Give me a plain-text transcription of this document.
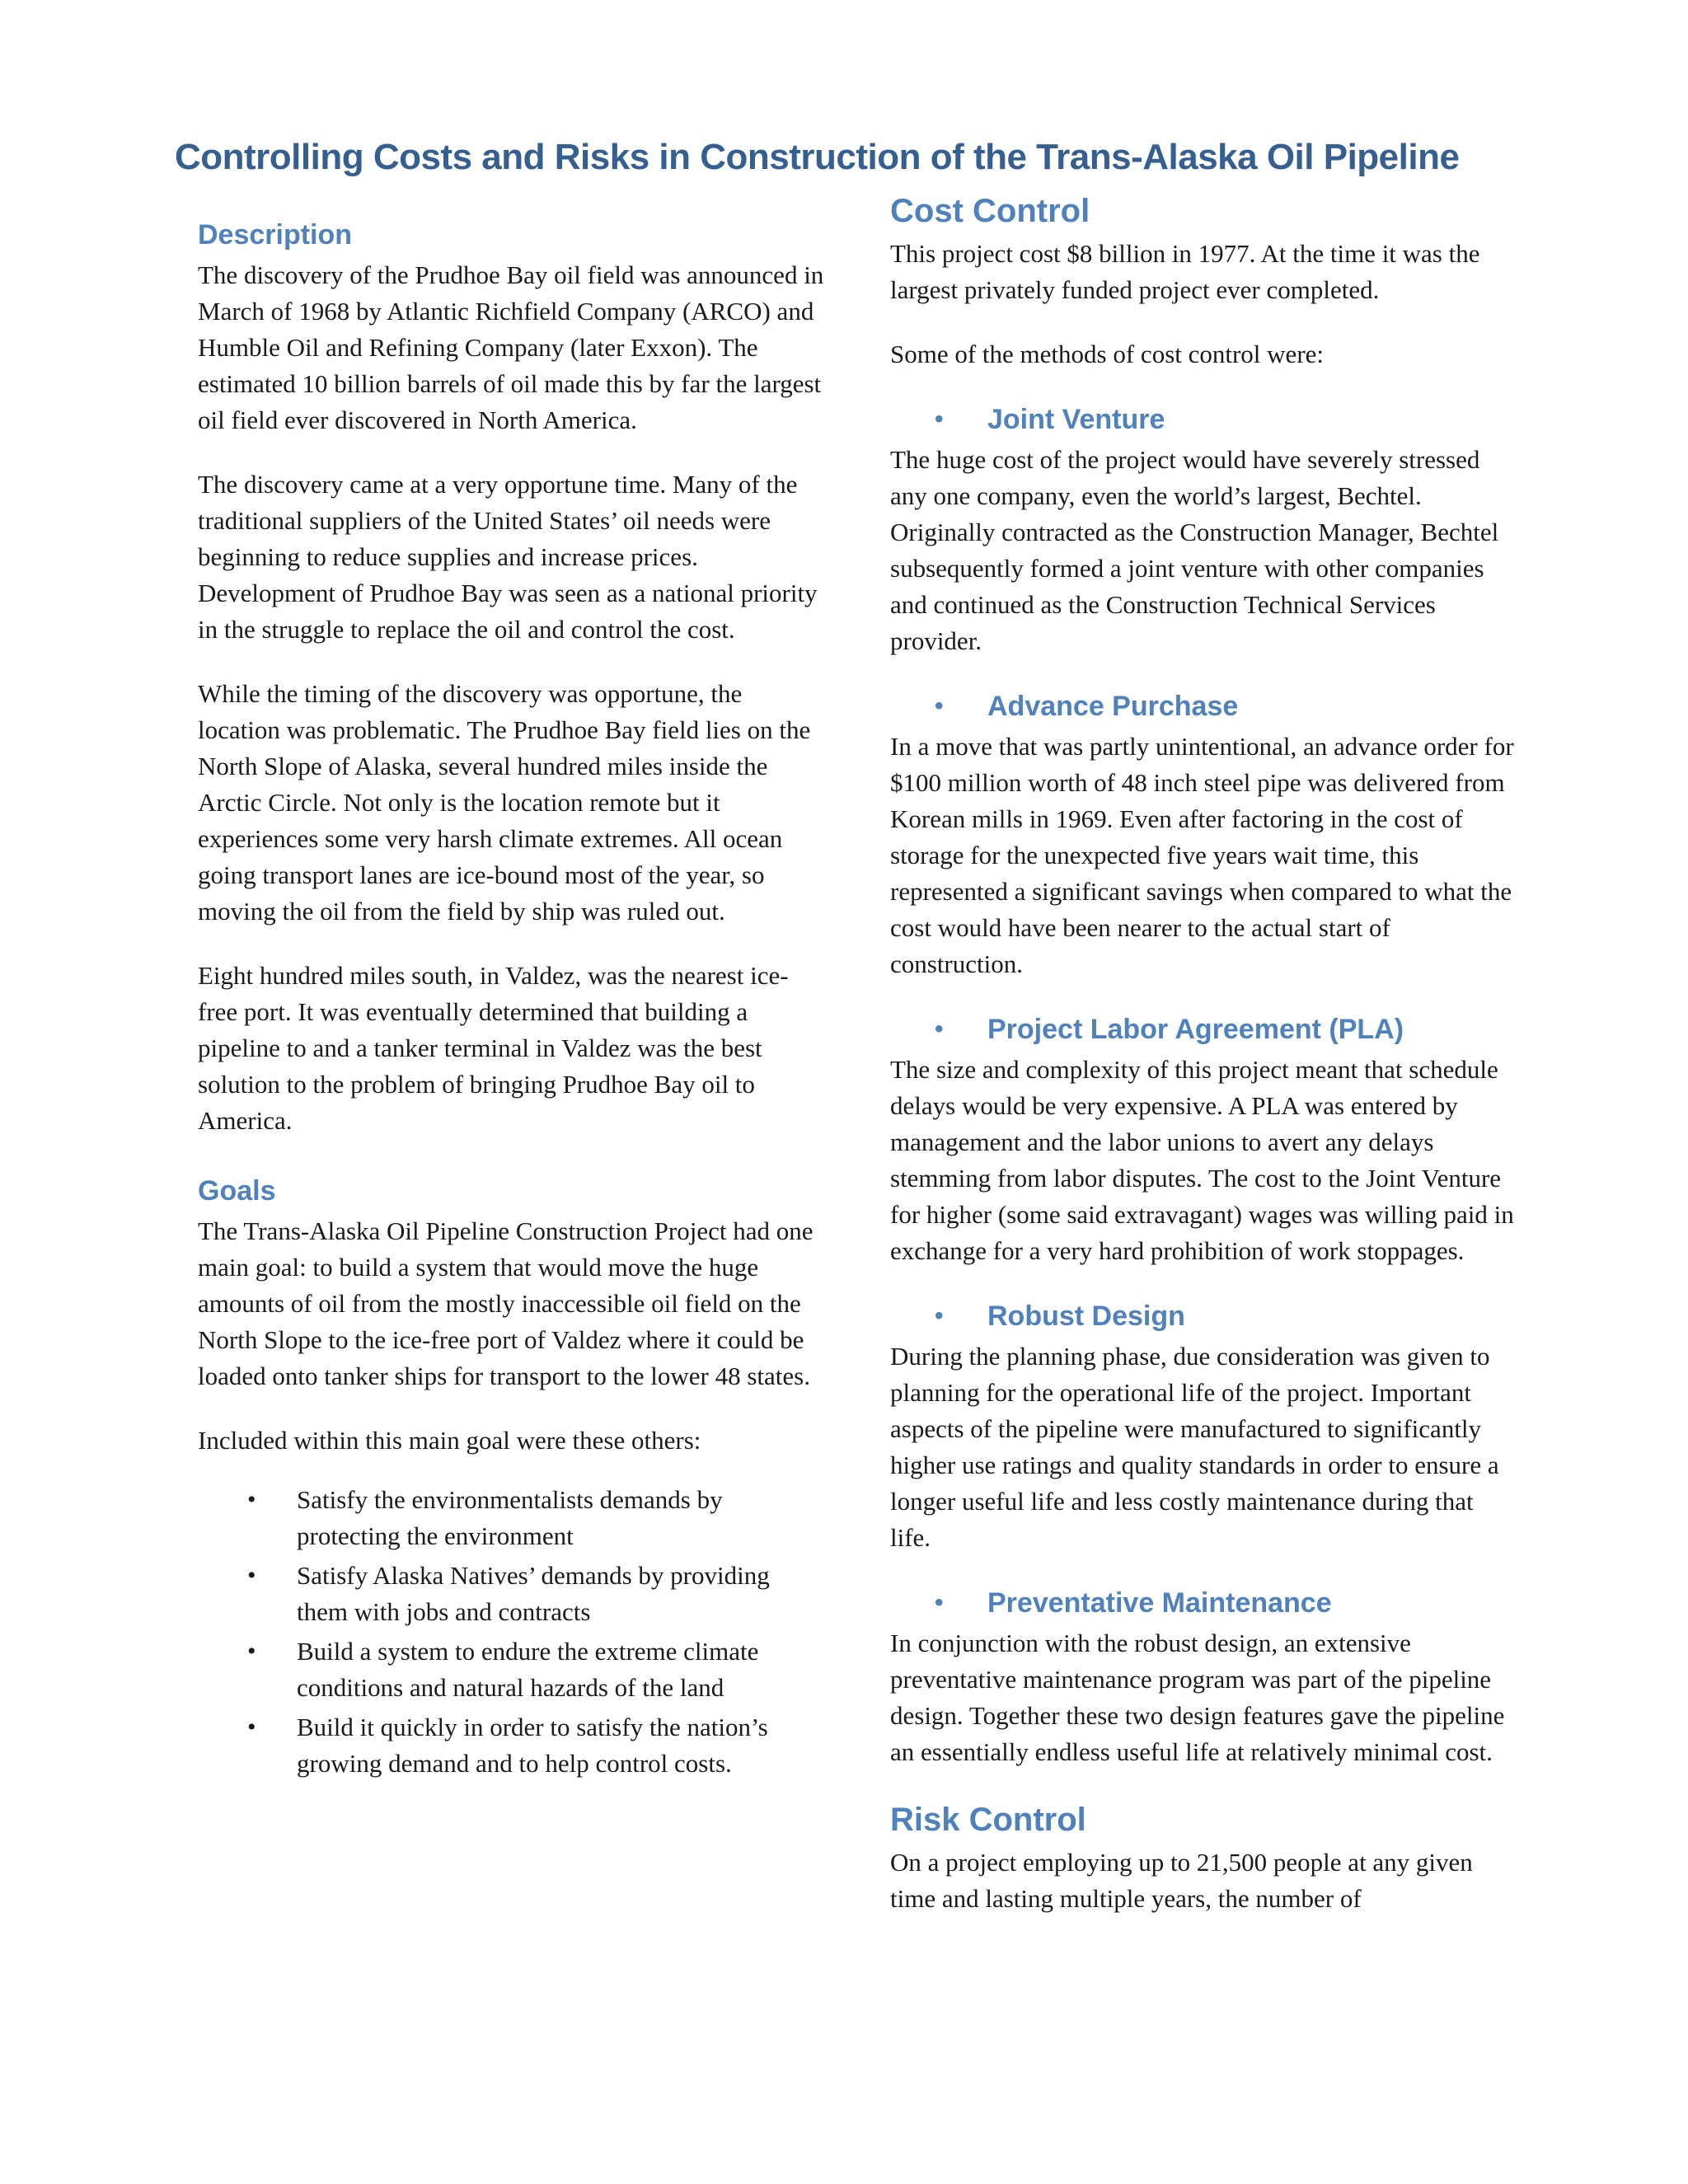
Controlling Costs and Risks in Construction of the Trans-Alaska Oil Pipeline
Description

The discovery of the Prudhoe Bay oil field was announced in March of 1968 by Atlantic Richfield Company (ARCO) and Humble Oil and Refining Company (later Exxon). The estimated 10 billion barrels of oil made this by far the largest oil field ever discovered in North America.

The discovery came at a very opportune time. Many of the traditional suppliers of the United States’ oil needs were beginning to reduce supplies and increase prices. Development of Prudhoe Bay was seen as a national priority in the struggle to replace the oil and control the cost.

While the timing of the discovery was opportune, the location was problematic. The Prudhoe Bay field lies on the North Slope of Alaska, several hundred miles inside the Arctic Circle. Not only is the location remote but it experiences some very harsh climate extremes. All ocean going transport lanes are ice-bound most of the year, so moving the oil from the field by ship was ruled out.

Eight hundred miles south, in Valdez, was the nearest ice-free port. It was eventually determined that building a pipeline to and a tanker terminal in Valdez was the best solution to the problem of bringing Prudhoe Bay oil to America.

Goals

The Trans-Alaska Oil Pipeline Construction Project had one main goal: to build a system that would move the huge amounts of oil from the mostly inaccessible oil field on the North Slope to the ice-free port of Valdez where it could be loaded onto tanker ships for transport to the lower 48 states.

Included within this main goal were these others:

• Satisfy the environmentalists demands by protecting the environment
• Satisfy Alaska Natives’ demands by providing them with jobs and contracts
• Build a system to endure the extreme climate conditions and natural hazards of the land
• Build it quickly in order to satisfy the nation’s growing demand and to help control costs.
Cost Control

This project cost $8 billion in 1977. At the time it was the largest privately funded project ever completed.

Some of the methods of cost control were:

•	Joint Venture

The huge cost of the project would have severely stressed any one company, even the world’s largest, Bechtel. Originally contracted as the Construction Manager, Bechtel subsequently formed a joint venture with other companies and continued as the Construction Technical Services provider.

•	Advance Purchase

In a move that was partly unintentional, an advance order for $100 million worth of 48 inch steel pipe was delivered from Korean mills in 1969. Even after factoring in the cost of storage for the unexpected five years wait time, this represented a significant savings when compared to what the cost would have been nearer to the actual start of construction.

•	Project Labor Agreement (PLA)

The size and complexity of this project meant that schedule delays would be very expensive. A PLA was entered by management and the labor unions to avert any delays stemming from labor disputes. The cost to the Joint Venture for higher (some said extravagant) wages was willing paid in exchange for a very hard prohibition of work stoppages.

•	Robust Design

During the planning phase, due consideration was given to planning for the operational life of the project. Important aspects of the pipeline were manufactured to significantly higher use ratings and quality standards in order to ensure a longer useful life and less costly maintenance during that life.

•	Preventative Maintenance

In conjunction with the robust design, an extensive preventative maintenance program was part of the pipeline design. Together these two design features gave the pipeline an essentially endless useful life at relatively minimal cost.

Risk Control

On a project employing up to 21,500 people at any given time and lasting multiple years, the number of
